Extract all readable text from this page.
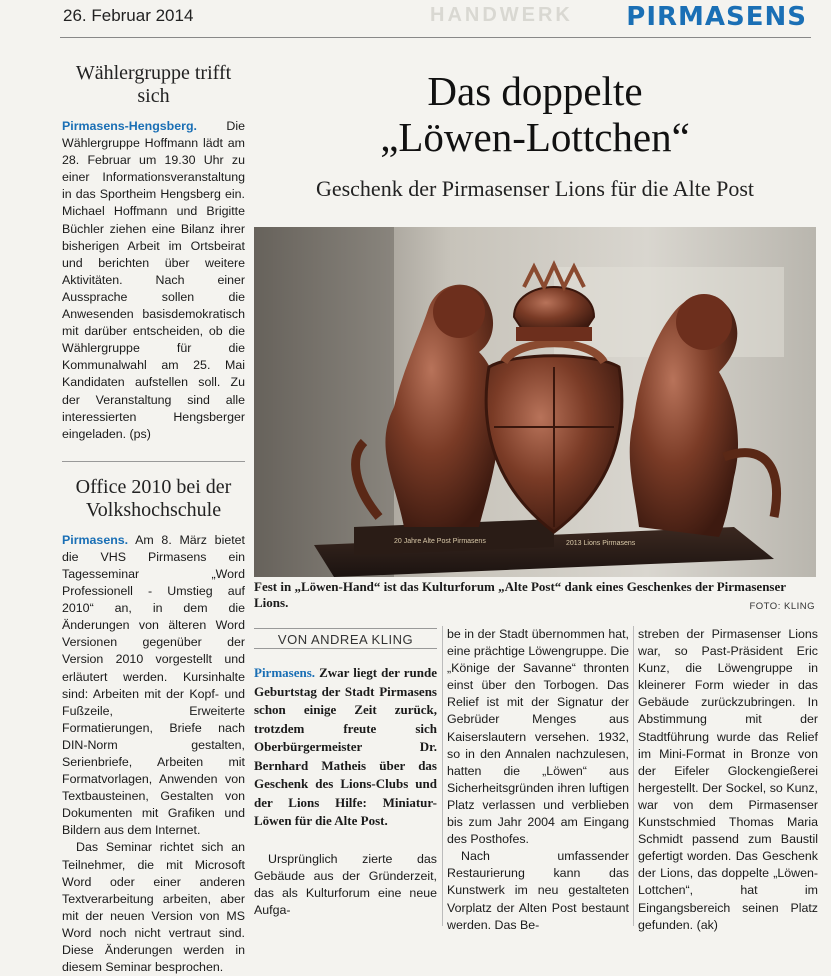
26. Februar 2014	HANDWERK PIRMASENS
Wählergruppe trifft sich
Pirmasens-Hengsberg. Die Wählergruppe Hoffmann lädt am 28. Februar um 19.30 Uhr zu einer Informationsveranstaltung in das Sportheim Hengsberg ein. Michael Hoffmann und Brigitte Büchler ziehen eine Bilanz ihrer bisherigen Arbeit im Ortsbeirat und berichten über weitere Aktivitäten. Nach einer Aussprache sollen die Anwesenden basisdemokratisch mit darüber entscheiden, ob die Wählergruppe für die Kommunalwahl am 25. Mai Kandidaten aufstellen soll. Zu der Veranstaltung sind alle interessierten Hengsberger eingeladen. (ps)
Office 2010 bei der Volkshochschule
Pirmasens. Am 8. März bietet die VHS Pirmasens ein Tagesseminar „Word Professionell - Umstieg auf 2010“ an, in dem die Änderungen von älteren Word Versionen gegenüber der Version 2010 vorgestellt und erläutert werden. Kursinhalte sind: Arbeiten mit der Kopf- und Fußzeile, Erweiterte Formatierungen, Briefe nach DIN-Norm gestalten, Serienbriefe, Arbeiten mit Formatvorlagen, Anwenden von Textbausteinen, Gestalten von Dokumenten mit Grafiken und Bildern aus dem Internet.
Das Seminar richtet sich an Teilnehmer, die mit Microsoft Word oder einer anderen Textverarbeitung arbeiten, aber mit der neuen Version von MS Word noch nicht vertraut sind. Diese Änderungen werden in diesem Seminar besprochen.
Das doppelte
„Löwen-Lottchen“
Geschenk der Pirmasenser Lions für die Alte Post
20 Jahre Alte Post Pirmasens	2013 Lions Pirmasens
Fest in „Löwen-Hand“ ist das Kulturforum „Alte Post“ dank eines Geschenkes der Pirmasenser Lions.	FOTO: KLING
VON ANDREA KLING
Pirmasens. Zwar liegt der runde Geburtstag der Stadt Pirmasens schon einige Zeit zurück, trotzdem freute sich Oberbürgermeister Dr. Bernhard Matheis über das Geschenk des Lions-Clubs und der Lions Hilfe: Miniatur-Löwen für die Alte Post.
Ursprünglich zierte das Gebäude aus der Gründerzeit, das als Kulturforum eine neue Aufga-
be in der Stadt übernommen hat, eine prächtige Löwengruppe. Die „Könige der Savanne“ thronten einst über den Torbogen. Das Relief ist mit der Signatur der Gebrüder Menges aus Kaiserslautern versehen. 1932, so in den Annalen nachzulesen, hatten die „Löwen“ aus Sicherheitsgründen ihren luftigen Platz verlassen und verblieben bis zum Jahr 2004 am Eingang des Posthofes.
Nach umfassender Restaurierung kann das Kunstwerk im neu gestalteten Vorplatz der Alten Post bestaunt werden. Das Be-
streben der Pirmasenser Lions war, so Past-Präsident Eric Kunz, die Löwengruppe in kleinerer Form wieder in das Gebäude zurückzubringen. In Abstimmung mit der Stadtführung wurde das Relief im Mini-Format in Bronze von der Eifeler Glockengießerei hergestellt. Der Sockel, so Kunz, war von dem Pirmasenser Kunstschmied Thomas Maria Schmidt passend zum Baustil gefertigt worden. Das Geschenk der Lions, das doppelte „Löwen-Lottchen“, hat im Eingangsbereich seinen Platz gefunden. (ak)
